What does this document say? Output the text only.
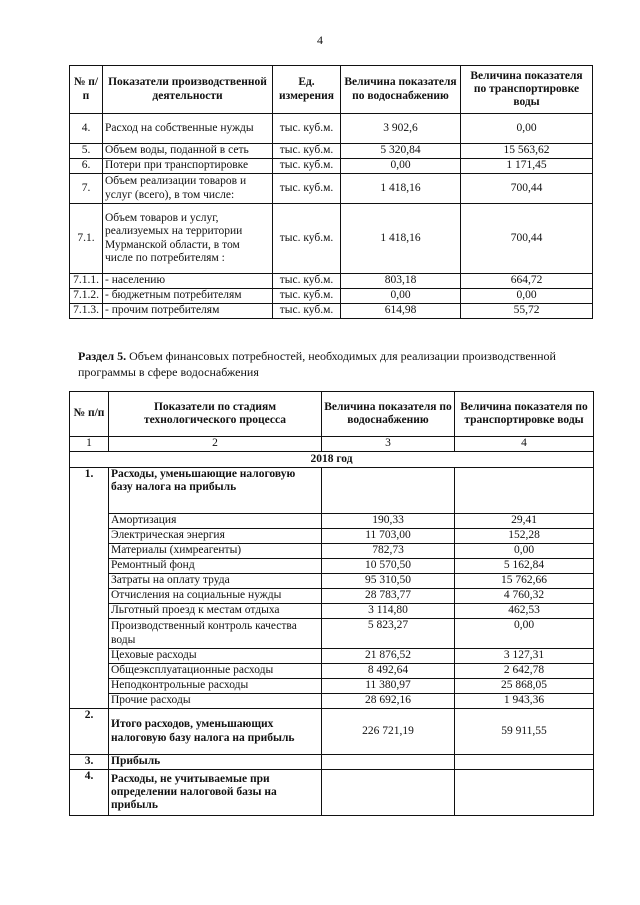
4
№ п/п	Показатели производственной деятельности	Ед. измерения	Величина показателя по водоснабжению	Величина показателя по транспортировке воды
4.	Расход на собственные нужды	тыс. куб.м.	3 902,6	0,00
5.	Объем воды, поданной в сеть	тыс. куб.м.	5 320,84	15 563,62
6.	Потери при транспортировке	тыс. куб.м.	0,00	1 171,45
7.	Объем реализации товаров и услуг (всего), в том числе:	тыс. куб.м.	1 418,16	700,44
7.1.	Объем товаров и услуг, реализуемых на территории Мурманской области, в том числе по потребителям :	тыс. куб.м.	1 418,16	700,44
7.1.1.	- населению	тыс. куб.м.	803,18	664,72
7.1.2.	- бюджетным потребителям	тыс. куб.м.	0,00	0,00
7.1.3.	- прочим потребителям	тыс. куб.м.	614,98	55,72
Раздел 5. Объем финансовых потребностей, необходимых для реализации производственной программы в сфере водоснабжения
№ п/п	Показатели по стадиям технологического процесса	Величина показателя по водоснабжению	Величина показателя по транспортировке воды
1	2	3	4
2018 год			
1.	Расходы, уменьшающие налоговую базу налога на прибыль		
	Амортизация	190,33	29,41
	Электрическая энергия	11 703,00	152,28
	Материалы (химреагенты)	782,73	0,00
	Ремонтный фонд	10 570,50	5 162,84
	Затраты на оплату труда	95 310,50	15 762,66
	Отчисления на социальные нужды	28 783,77	4 760,32
	Льготный проезд к местам отдыха	3 114,80	462,53
	Производственный контроль качества воды	5 823,27	0,00
	Цеховые расходы	21 876,52	3 127,31
	Общеэксплуатационные расходы	8 492,64	2 642,78
	Неподконтрольные расходы	11 380,97	25 868,05
	Прочие расходы	28 692,16	1 943,36
2.	Итого расходов, уменьшающих налоговую базу налога на прибыль	226 721,19	59 911,55
3.	Прибыль		
4.	Расходы, не учитываемые при определении налоговой базы на прибыль		
